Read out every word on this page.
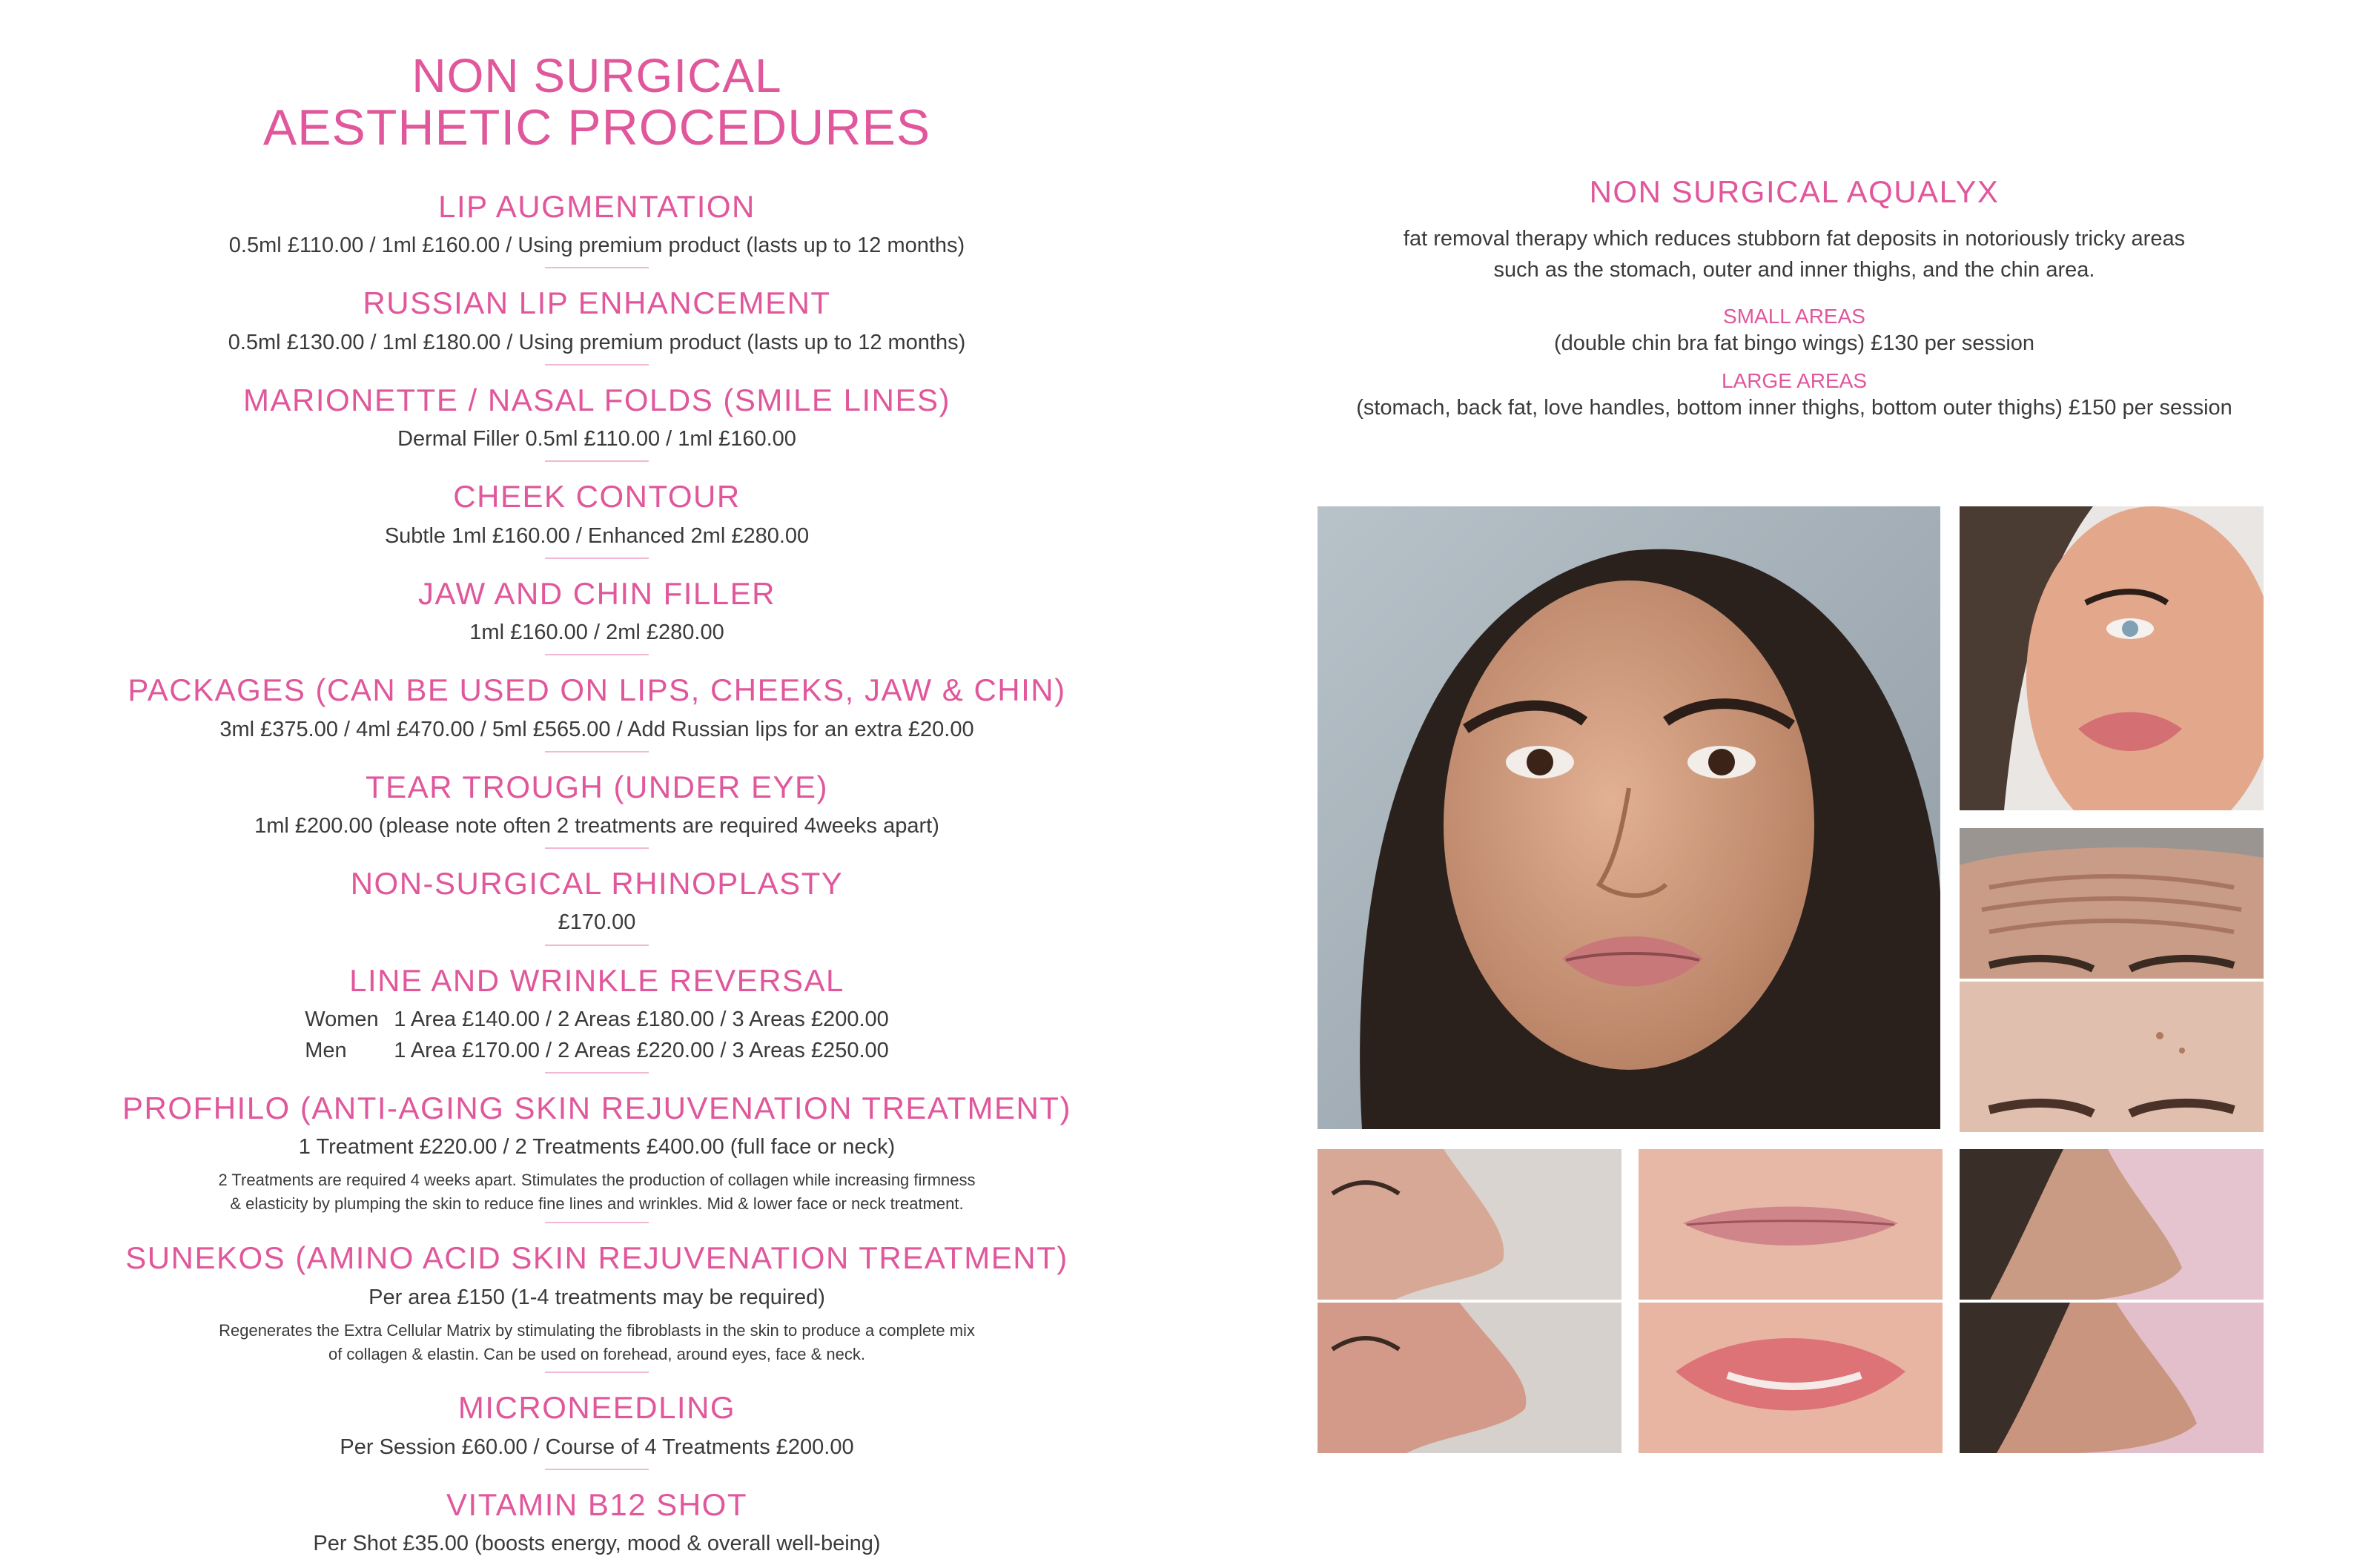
NON SURGICAL
AESTHETIC PROCEDURES
LIP AUGMENTATION
0.5ml £110.00 / 1ml £160.00 / Using premium product (lasts up to 12 months)
RUSSIAN LIP ENHANCEMENT
0.5ml £130.00 / 1ml £180.00 / Using premium product (lasts up to 12 months)
MARIONETTE / NASAL FOLDS (SMILE LINES)
Dermal Filler 0.5ml £110.00 / 1ml £160.00
CHEEK CONTOUR
Subtle 1ml £160.00 / Enhanced 2ml £280.00
JAW AND CHIN FILLER
1ml £160.00 / 2ml £280.00
PACKAGES (CAN BE USED ON LIPS, CHEEKS, JAW & CHIN)
3ml £375.00 / 4ml £470.00 / 5ml £565.00 / Add Russian lips for an extra £20.00
TEAR TROUGH (UNDER EYE)
1ml £200.00 (please note often 2 treatments are required 4weeks apart)
NON-SURGICAL RHINOPLASTY
£170.00
LINE AND WRINKLE REVERSAL
Women 1 Area £140.00 / 2 Areas £180.00 / 3 Areas £200.00
Men	1 Area £170.00 / 2 Areas £220.00 / 3 Areas £250.00
PROFHILO (ANTI-AGING SKIN REJUVENATION TREATMENT)
1 Treatment £220.00 / 2 Treatments £400.00 (full face or neck)
2 Treatments are required 4 weeks apart. Stimulates the production of collagen while increasing firmness
& elasticity by plumping the skin to reduce fine lines and wrinkles. Mid & lower face or neck treatment.
SUNEKOS (AMINO ACID SKIN REJUVENATION TREATMENT)
Per area £150 (1-4 treatments may be required)
Regenerates the Extra Cellular Matrix by stimulating the fibroblasts in the skin to produce a complete mix
of collagen & elastin. Can be used on forehead, around eyes, face & neck.
MICRONEEDLING
Per Session £60.00 / Course of 4 Treatments £200.00
VITAMIN B12 SHOT
Per Shot £35.00 (boosts energy, mood & overall well-being)
NON SURGICAL AQUALYX
fat removal therapy which reduces stubborn fat deposits in notoriously tricky areas
such as the stomach, outer and inner thighs, and the chin area.
SMALL AREAS
(double chin bra fat bingo wings) £130 per session
LARGE AREAS
(stomach, back fat, love handles, bottom inner thighs, bottom outer thighs) £150 per session
